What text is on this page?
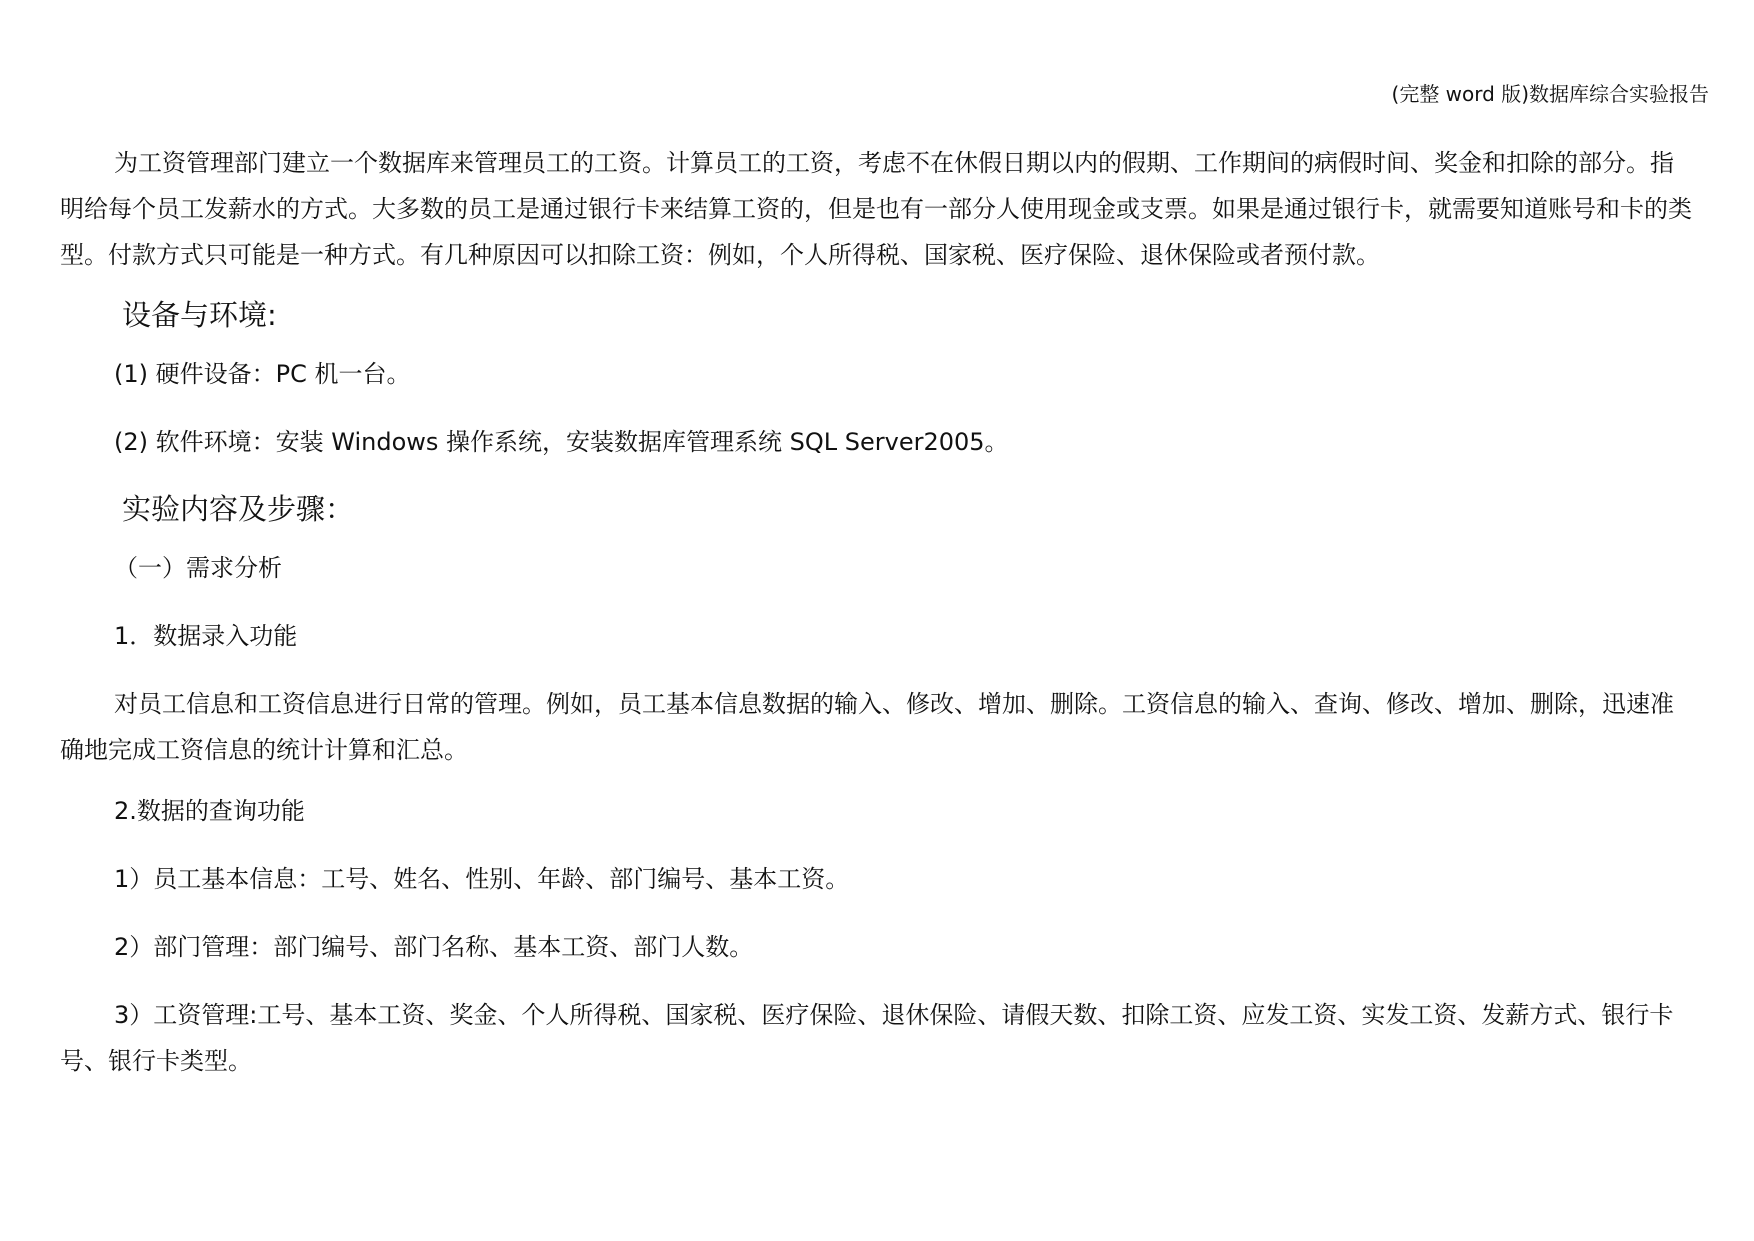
(完整 word 版)数据库综合实验报告

为工资管理部门建立一个数据库来管理员工的工资。计算员工的工资，考虑不在休假日期以内的假期、工作期间的病假时间、奖金和扣除的部分。指明给每个员工发薪水的方式。大多数的员工是通过银行卡来结算工资的，但是也有一部分人使用现金或支票。如果是通过银行卡，就需要知道账号和卡的类型。付款方式只可能是一种方式。有几种原因可以扣除工资：例如，个人所得税、国家税、医疗保险、退休保险或者预付款。

设备与环境:
(1) 硬件设备：PC 机一台。
(2) 软件环境：安装 Windows 操作系统，安装数据库管理系统 SQL Server2005。
实验内容及步骤：
（一）需求分析
1．数据录入功能

对员工信息和工资信息进行日常的管理。例如，员工基本信息数据的输入、修改、增加、删除。工资信息的输入、查询、修改、增加、删除，迅速准确地完成工资信息的统计计算和汇总。

2.数据的查询功能
1）员工基本信息：工号、姓名、性别、年龄、部门编号、基本工资。
2）部门管理：部门编号、部门名称、基本工资、部门人数。

3）工资管理:工号、基本工资、奖金、个人所得税、国家税、医疗保险、退休保险、请假天数、扣除工资、应发工资、实发工资、发薪方式、银行卡号、银行卡类型。
